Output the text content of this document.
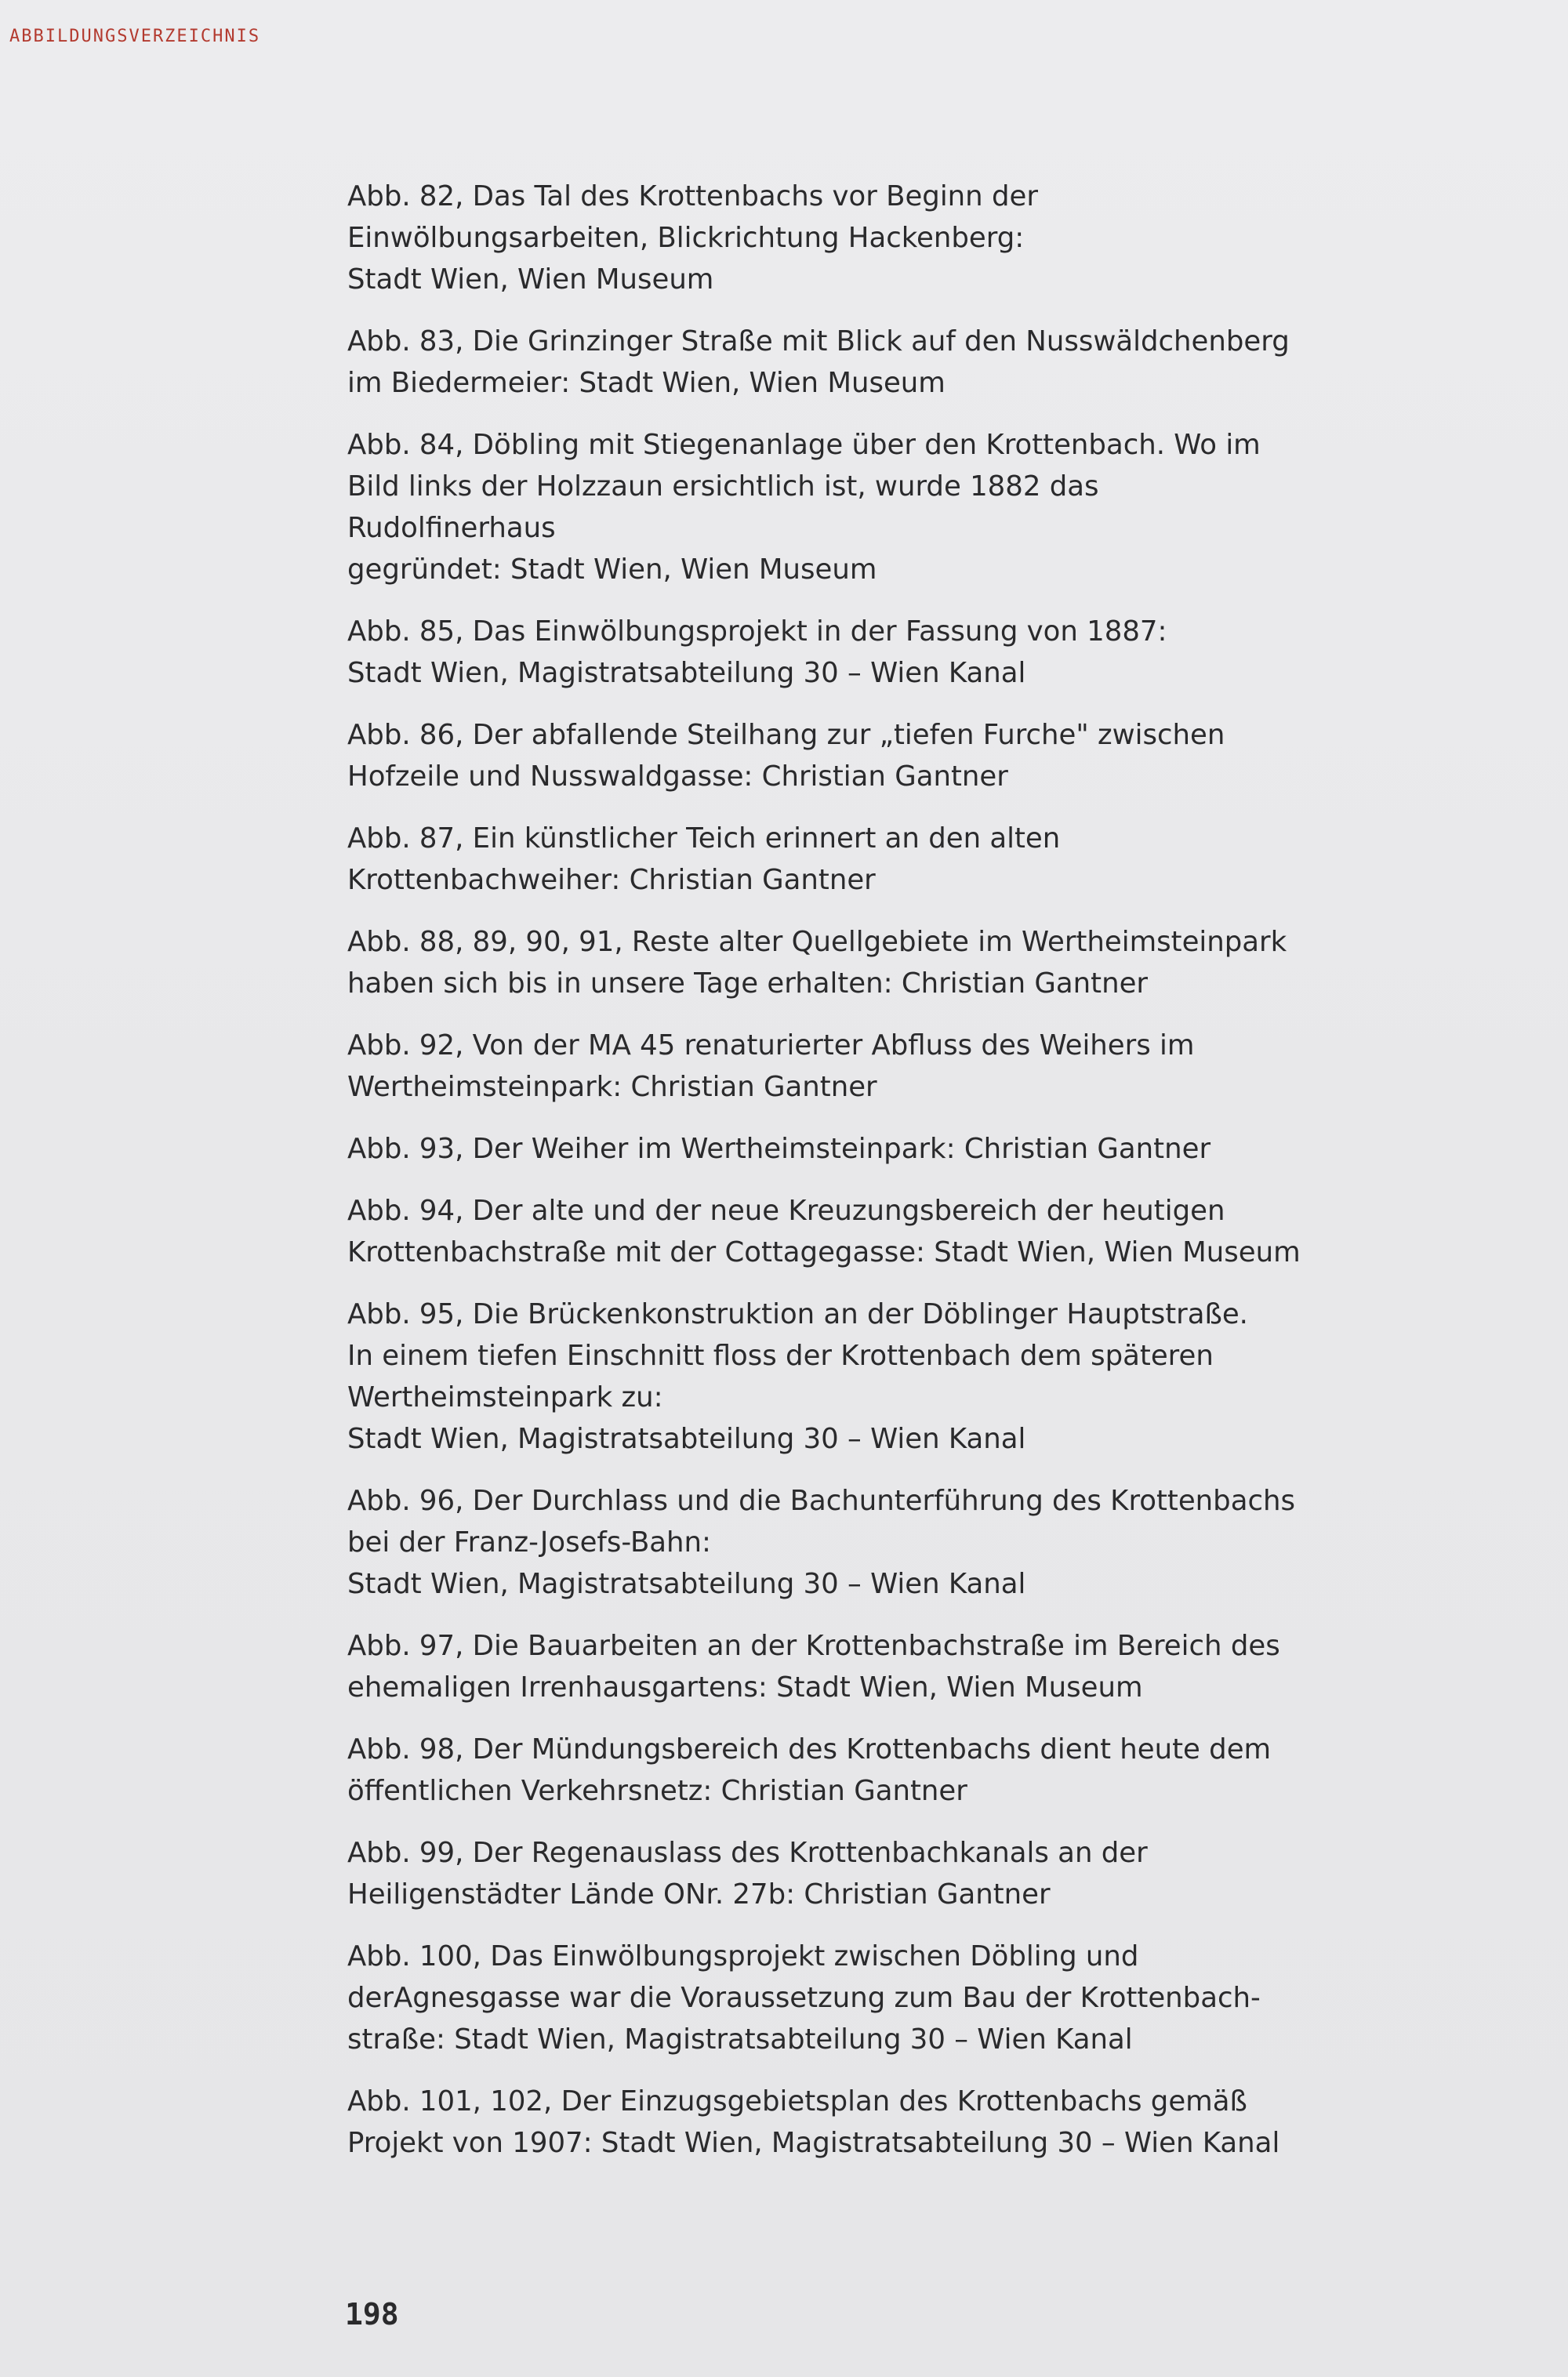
ABBILDUNGSVERZEICHNIS
Abb. 82, Das Tal des Krottenbachs vor Beginn der
Einwölbungsarbeiten, Blickrichtung Hackenberg:
Stadt Wien, Wien Museum
Abb. 83, Die Grinzinger Straße mit Blick auf den Nusswäldchenberg
im Biedermeier: Stadt Wien, Wien Museum
Abb. 84, Döbling mit Stiegenanlage über den Krottenbach. Wo im
Bild links der Holzzaun ersichtlich ist, wurde 1882 das Rudolfinerhaus
gegründet: Stadt Wien, Wien Museum
Abb. 85, Das Einwölbungsprojekt in der Fassung von 1887:
Stadt Wien, Magistratsabteilung 30 – Wien Kanal
Abb. 86, Der abfallende Steilhang zur „tiefen Furche" zwischen
Hofzeile und Nusswaldgasse: Christian Gantner
Abb. 87, Ein künstlicher Teich erinnert an den alten
Krottenbachweiher: Christian Gantner
Abb. 88, 89, 90, 91, Reste alter Quellgebiete im Wertheimsteinpark
haben sich bis in unsere Tage erhalten: Christian Gantner
Abb. 92, Von der MA 45 renaturierter Abfluss des Weihers im
Wertheimsteinpark: Christian Gantner
Abb. 93, Der Weiher im Wertheimsteinpark: Christian Gantner
Abb. 94, Der alte und der neue Kreuzungsbereich der heutigen
Krottenbachstraße mit der Cottagegasse: Stadt Wien, Wien Museum
Abb. 95, Die Brückenkonstruktion an der Döblinger Hauptstraße.
In einem tiefen Einschnitt floss der Krottenbach dem späteren
Wertheimsteinpark zu:
Stadt Wien, Magistratsabteilung 30 – Wien Kanal
Abb. 96, Der Durchlass und die Bachunterführung des Krottenbachs
bei der Franz-Josefs-Bahn:
Stadt Wien, Magistratsabteilung 30 – Wien Kanal
Abb. 97, Die Bauarbeiten an der Krottenbachstraße im Bereich des
ehemaligen Irrenhausgartens: Stadt Wien, Wien Museum
Abb. 98, Der Mündungsbereich des Krottenbachs dient heute dem
öffentlichen Verkehrsnetz: Christian Gantner
Abb. 99, Der Regenauslass des Krottenbachkanals an der
Heiligenstädter Lände ONr. 27b: Christian Gantner
Abb. 100, Das Einwölbungsprojekt zwischen Döbling und
derAgnesgasse war die Voraussetzung zum Bau der Krottenbach-
straße: Stadt Wien, Magistratsabteilung 30 – Wien Kanal
Abb. 101, 102, Der Einzugsgebietsplan des Krottenbachs gemäß
Projekt von 1907: Stadt Wien, Magistratsabteilung 30 – Wien Kanal
198
